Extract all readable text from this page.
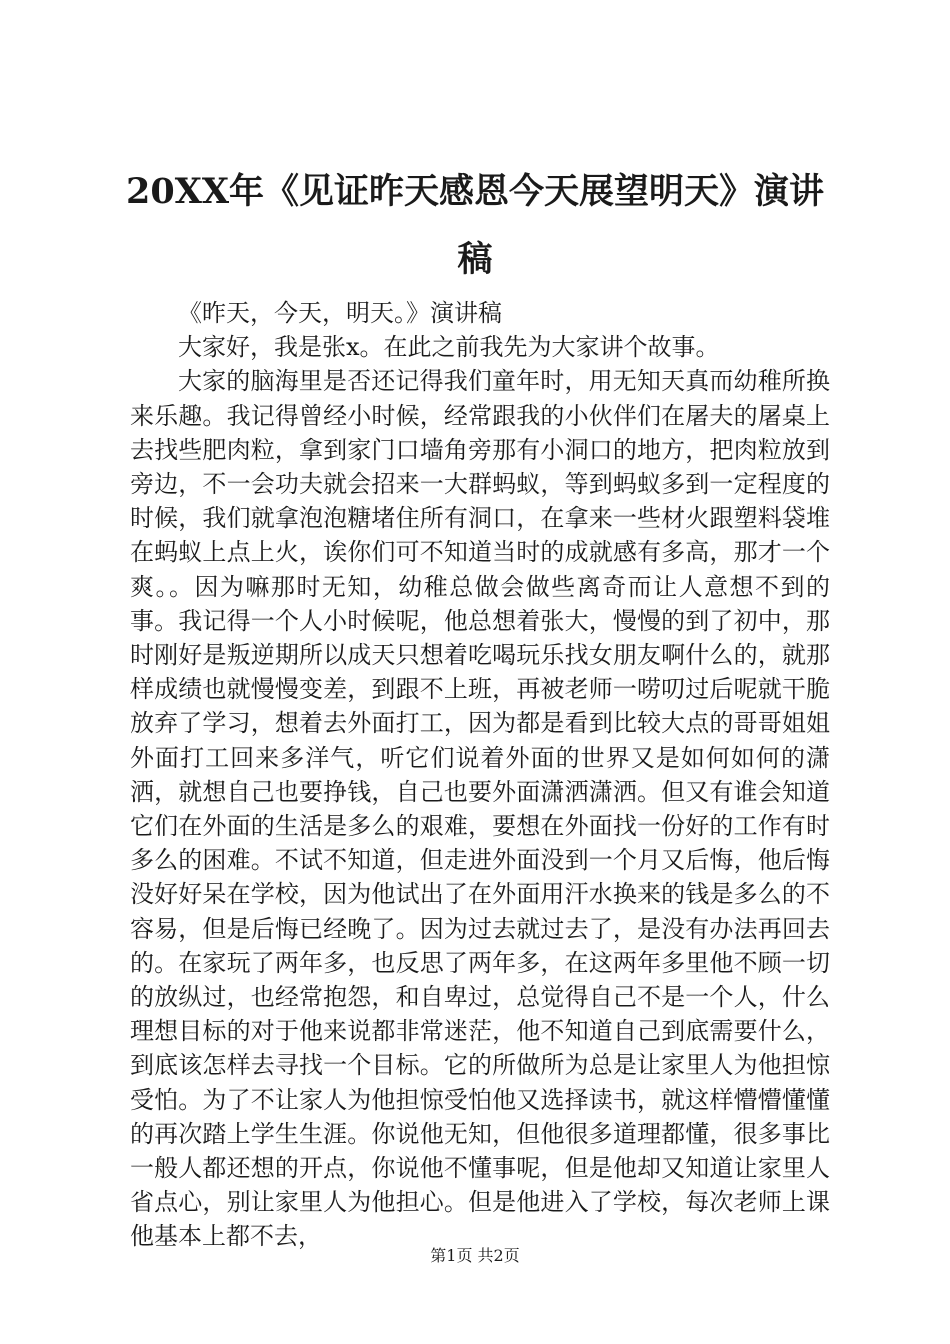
20XX年《见证昨天感恩今天展望明天》演讲稿

《昨天，今天，明天。》演讲稿

大家好，我是张x。在此之前我先为大家讲个故事。

大家的脑海里是否还记得我们童年时，用无知天真而幼稚所换来乐趣。我记得曾经小时候，经常跟我的小伙伴们在屠夫的屠桌上去找些肥肉粒，拿到家门口墙角旁那有小洞口的地方，把肉粒放到旁边，不一会功夫就会招来一大群蚂蚁，等到蚂蚁多到一定程度的时候，我们就拿泡泡糖堵住所有洞口，在拿来一些材火跟塑料袋堆在蚂蚁上点上火，诶你们可不知道当时的成就感有多高，那才一个爽。。因为嘛那时无知，幼稚总做会做些离奇而让人意想不到的事。我记得一个人小时候呢，他总想着张大，慢慢的到了初中，那时刚好是叛逆期所以成天只想着吃喝玩乐找女朋友啊什么的，就那样成绩也就慢慢变差，到跟不上班，再被老师一唠叨过后呢就干脆放弃了学习，想着去外面打工，因为都是看到比较大点的哥哥姐姐外面打工回来多洋气，听它们说着外面的世界又是如何如何的潇洒，就想自己也要挣钱，自己也要外面潇洒潇洒。但又有谁会知道它们在外面的生活是多么的艰难，要想在外面找一份好的工作有时多么的困难。不试不知道，但走进外面没到一个月又后悔，他后悔没好好呆在学校，因为他试出了在外面用汗水换来的钱是多么的不容易，但是后悔已经晚了。因为过去就过去了，是没有办法再回去的。在家玩了两年多，也反思了两年多，在这两年多里他不顾一切的放纵过，也经常抱怨，和自卑过，总觉得自己不是一个人，什么理想目标的对于他来说都非常迷茫，他不知道自己到底需要什么，到底该怎样去寻找一个目标。它的所做所为总是让家里人为他担惊受怕。为了不让家人为他担惊受怕他又选择读书，就这样懵懵懂懂的再次踏上学生生涯。你说他无知，但他很多道理都懂，很多事比一般人都还想的开点，你说他不懂事呢，但是他却又知道让家里人省点心，别让家里人为他担心。但是他进入了学校，每次老师上课他基本上都不去，

第1页 共2页
